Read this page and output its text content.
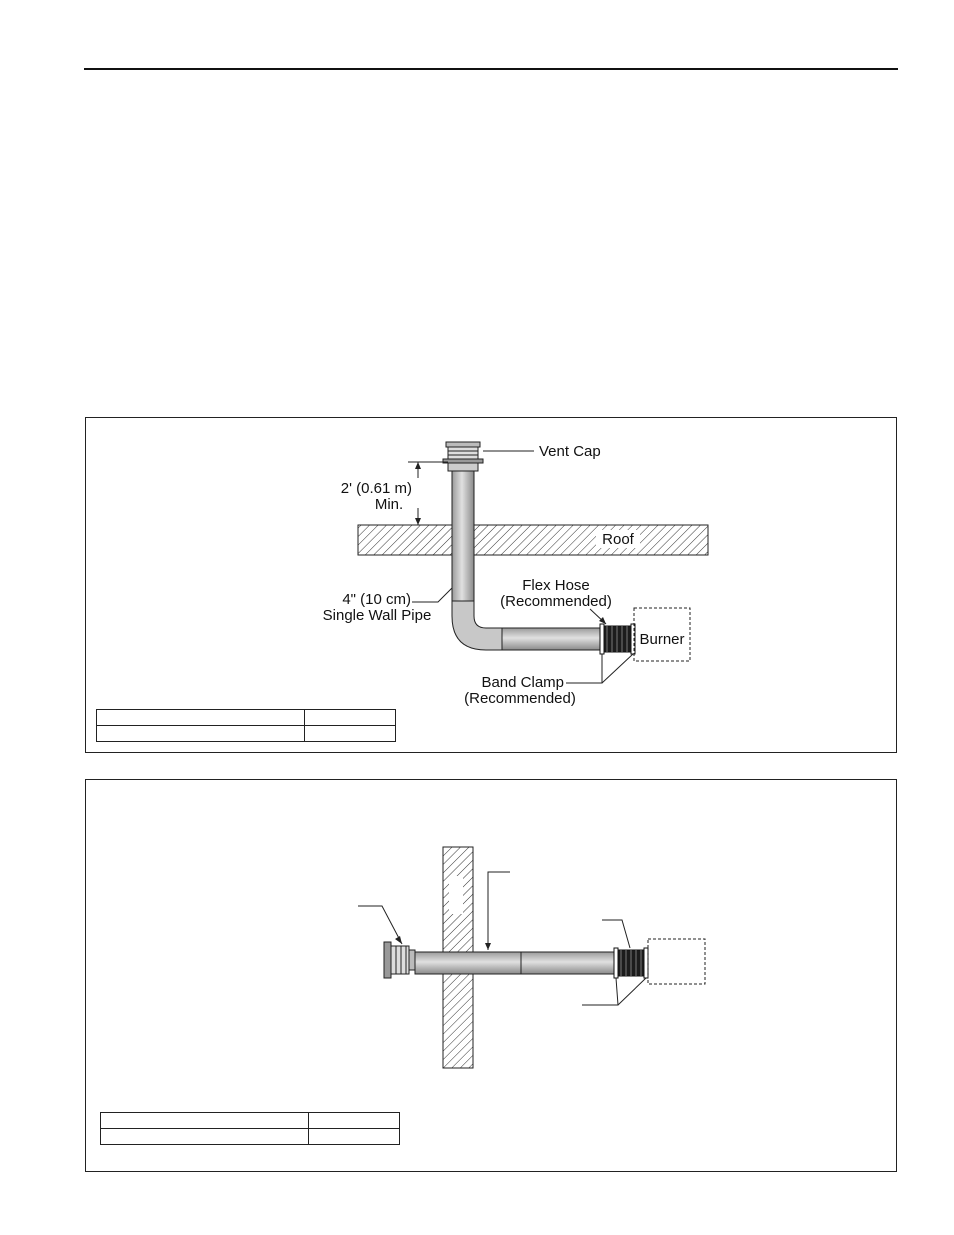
Vent Cap
2' (0.61 m)
Min.
Roof
4" (10 cm)
Single Wall Pipe
Flex Hose
(Recommended)
Burner
Band Clamp
(Recommended)
